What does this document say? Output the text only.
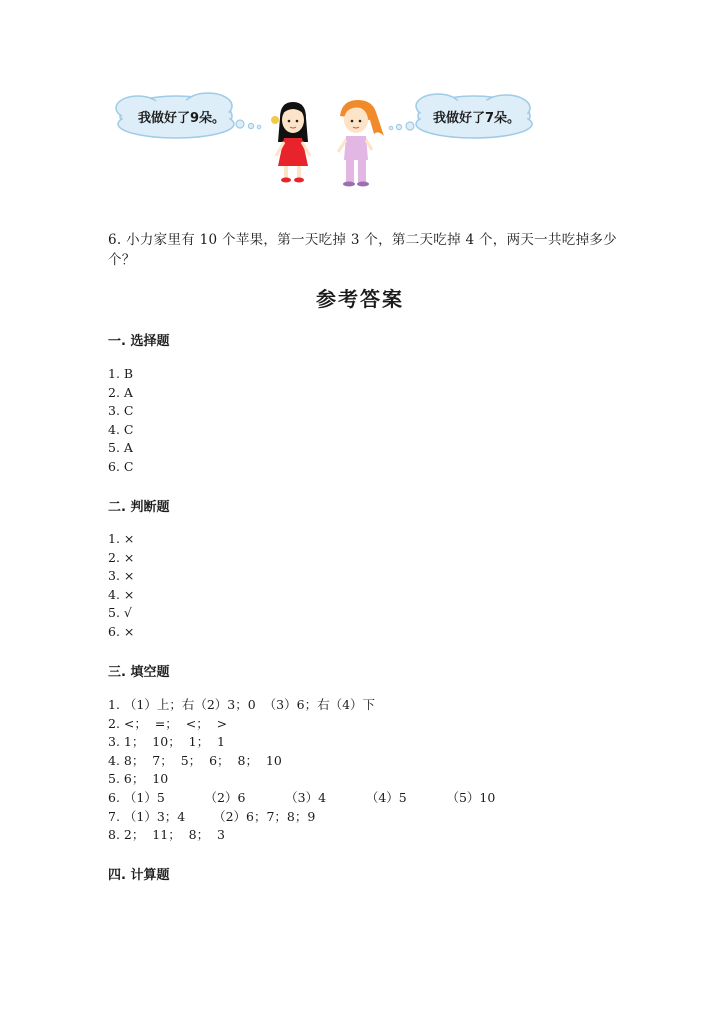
我做好了9朵。	我做好了7朵。
6. 小力家里有 10 个苹果，第一天吃掉 3 个，第二天吃掉 4 个，两天一共吃掉多少个？
参考答案
一. 选择题
1. B
2. A
3. C
4. C
5. A
6. C
二. 判断题
1. ×
2. ×
3. ×
4. ×
5. √
6. ×
三. 填空题
1. （1）上；右（2）3；0  （3）6；右（4）下
2. <；  =；  <；  >
3. 1；  10；  1；  1
4. 8；  7；  5；  6；  8；  10
5. 6；  10
6. （1）5          （2）6          （3）4          （4）5          （5）10
7. （1）3；4       （2）6；7；8；9
8. 2；  11；  8；  3
四. 计算题
